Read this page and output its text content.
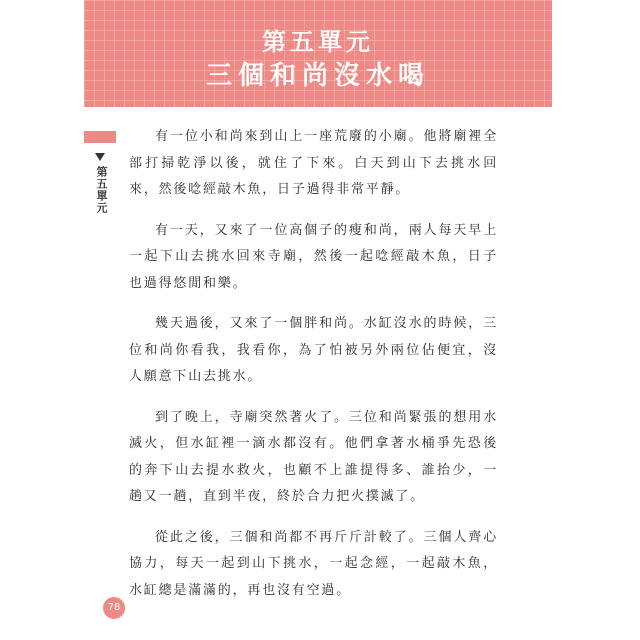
第五單元
三個和尚沒水喝
第五單元

有一位小和尚來到山上一座荒廢的小廟。他將廟裡全部打掃乾淨以後，就住了下來。白天到山下去挑水回來，然後唸經敲木魚，日子過得非常平靜。

有一天，又來了一位高個子的瘦和尚，兩人每天早上一起下山去挑水回來寺廟，然後一起唸經敲木魚，日子也過得悠閒和樂。

幾天過後，又來了一個胖和尚。水缸沒水的時候，三位和尚你看我，我看你，為了怕被另外兩位佔便宜，沒人願意下山去挑水。

到了晚上，寺廟突然著火了。三位和尚緊張的想用水滅火，但水缸裡一滴水都沒有。他們拿著水桶爭先恐後的奔下山去提水救火，也顧不上誰提得多、誰抬少，一趟又一趟，直到半夜，終於合力把火撲滅了。

從此之後，三個和尚都不再斤斤計較了。三個人齊心協力，每天一起到山下挑水，一起念經，一起敲木魚，水缸總是滿滿的，再也沒有空過。

78
